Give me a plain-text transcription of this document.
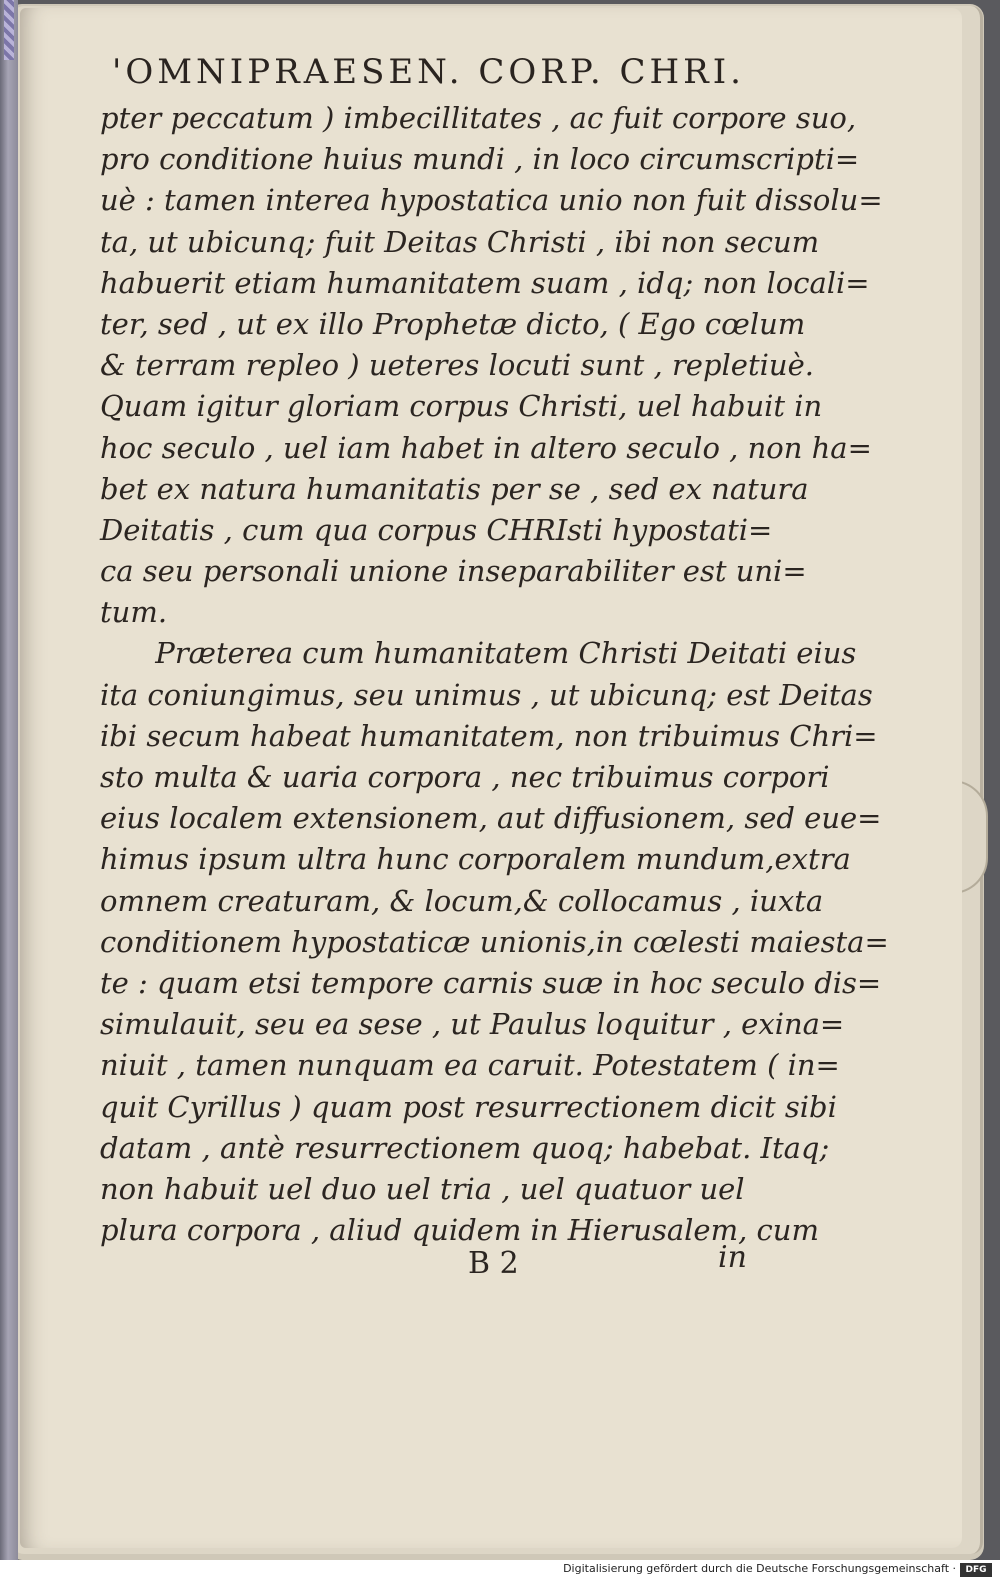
'OMNIPRAESEN. CORP. CHRI.
pter peccatum ) imbecillitates , ac fuit corpore suo,
pro conditione huius mundi , in loco circumscripti=
uè : tamen interea hypostatica unio non fuit dissolu=
ta, ut ubicunq; fuit Deitas Christi , ibi non secum
habuerit etiam humanitatem suam , idq; non locali=
ter, sed , ut ex illo Prophetæ dicto, ( Ego cœlum
& terram repleo ) ueteres locuti sunt , repletiuè.
Quam igitur gloriam corpus Christi, uel habuit in
hoc seculo , uel iam habet in altero seculo , non ha=
bet ex natura humanitatis per se , sed ex natura
Deitatis , cum qua corpus CHRIsti hypostati=
ca seu personali unione inseparabiliter est uni=
tum.
Præterea cum humanitatem Christi Deitati eius
ita coniungimus, seu unimus , ut ubicunq; est Deitas
ibi secum habeat humanitatem, non tribuimus Chri=
sto multa & uaria corpora , nec tribuimus corpori
eius localem extensionem, aut diffusionem, sed eue=
himus ipsum ultra hunc corporalem mundum,extra
omnem creaturam, & locum,& collocamus , iuxta
conditionem hypostaticæ unionis,in cœlesti maiesta=
te : quam etsi tempore carnis suæ in hoc seculo dis=
simulauit, seu ea sese , ut Paulus loquitur , exina=
niuit , tamen nunquam ea caruit. Potestatem ( in=
quit Cyrillus ) quam post resurrectionem dicit sibi
datam , antè resurrectionem quoq; habebat. Itaq;
non habuit uel duo uel tria , uel quatuor uel
plura corpora , aliud quidem in Hierusalem, cum
B 2	in
Digitalisierung gefördert durch die Deutsche Forschungsgemeinschaft ·	DFG
